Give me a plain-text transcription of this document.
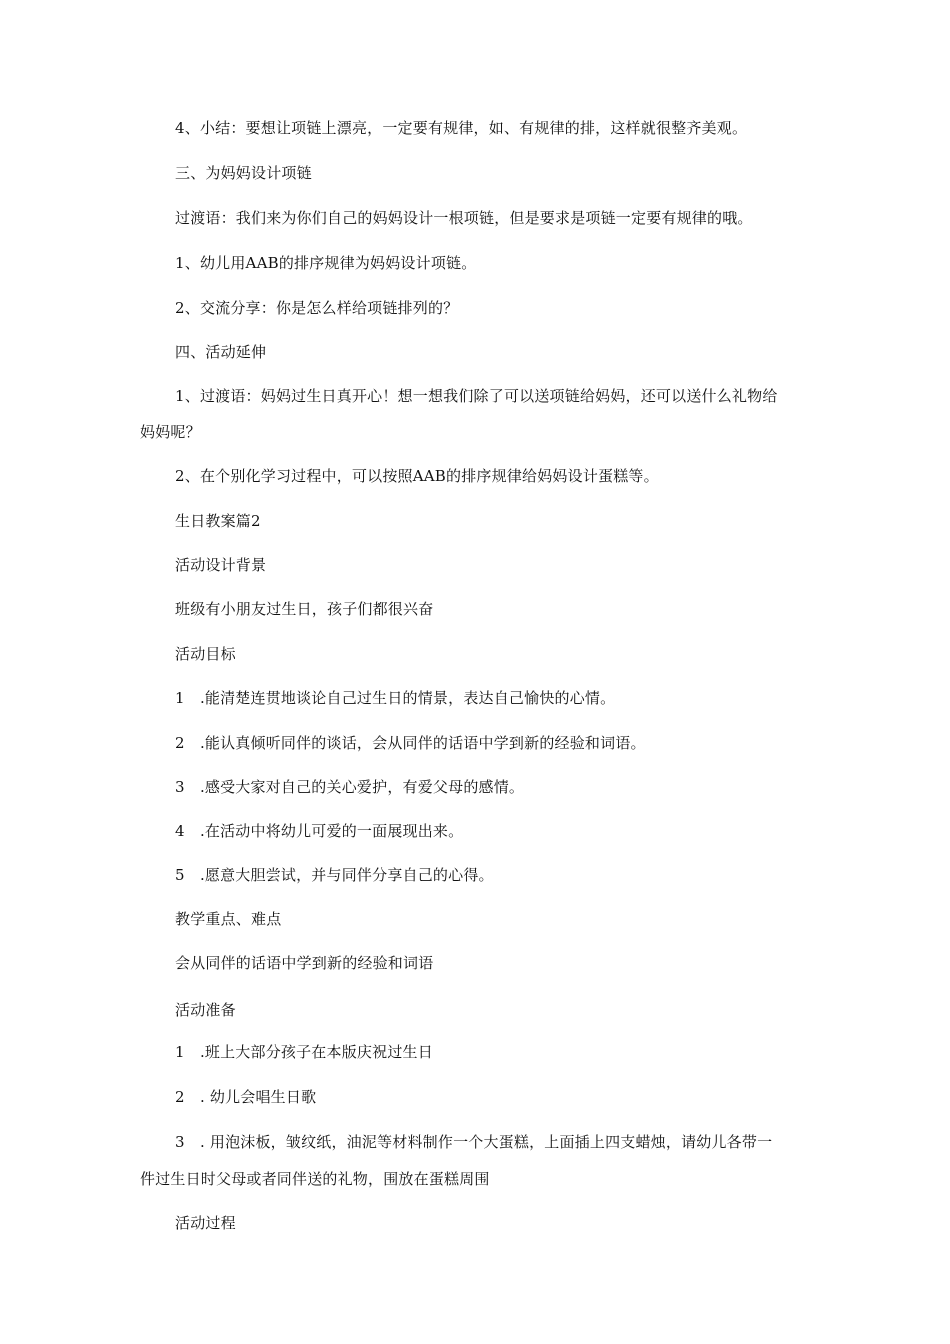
4、小结：要想让项链上漂亮，一定要有规律，如、有规律的排，这样就很整齐美观。
三、为妈妈设计项链
过渡语：我们来为你们自己的妈妈设计一根项链，但是要求是项链一定要有规律的哦。
1、幼儿用AAB的排序规律为妈妈设计项链。
2、交流分享：你是怎么样给项链排列的？
四、活动延伸
1、过渡语：妈妈过生日真开心！想一想我们除了可以送项链给妈妈，还可以送什么礼物给
妈妈呢？
2、在个别化学习过程中，可以按照AAB的排序规律给妈妈设计蛋糕等。
生日教案篇2
活动设计背景
班级有小朋友过生日，孩子们都很兴奋
活动目标
1　.能清楚连贯地谈论自己过生日的情景，表达自己愉快的心情。
2　.能认真倾听同伴的谈话，会从同伴的话语中学到新的经验和词语。
3　.感受大家对自己的关心爱护，有爱父母的感情。
4　.在活动中将幼儿可爱的一面展现出来。
5　.愿意大胆尝试，并与同伴分享自己的心得。
教学重点、难点
会从同伴的话语中学到新的经验和词语
活动准备
1　.班上大部分孩子在本版庆祝过生日
2　. 幼儿会唱生日歌
3　. 用泡沫板，皱纹纸，油泥等材料制作一个大蛋糕，上面插上四支蜡烛，请幼儿各带一
件过生日时父母或者同伴送的礼物，围放在蛋糕周围
活动过程
